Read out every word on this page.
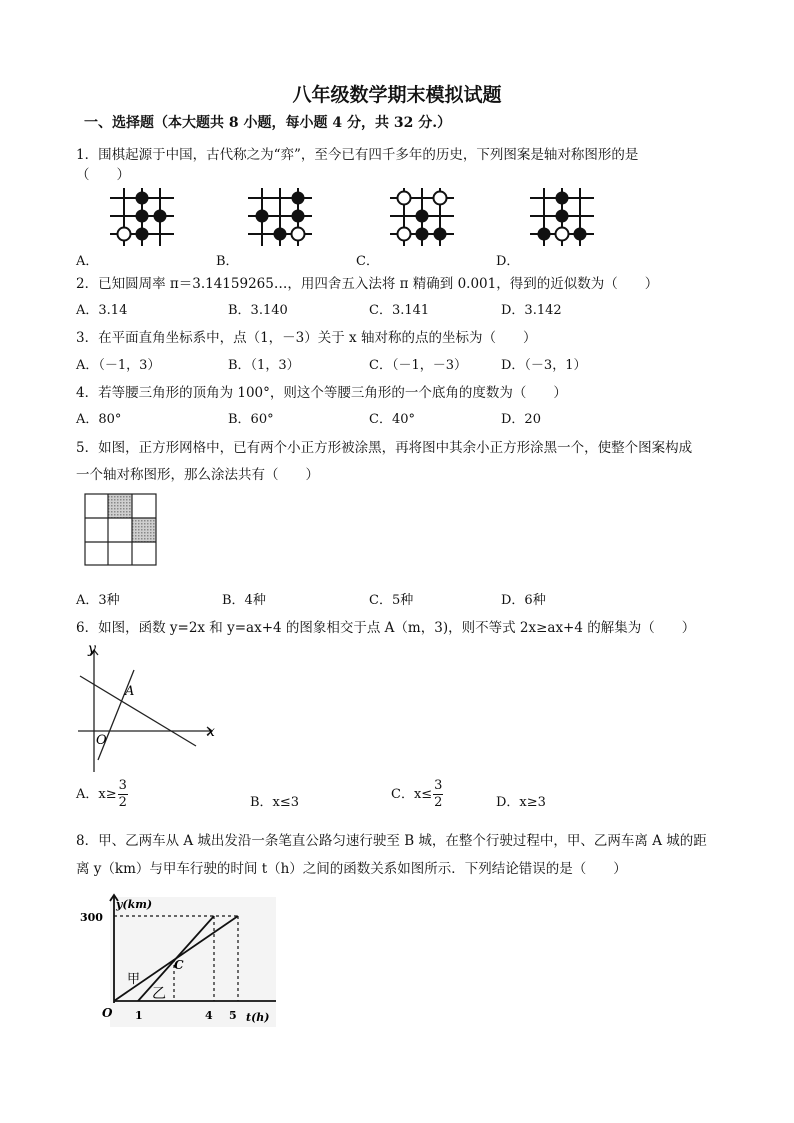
八年级数学期末模拟试题
一、选择题（本大题共 8 小题，每小题 4 分，共 32 分.）
1．围棋起源于中国，古代称之为“弈”，至今已有四千多年的历史，下列图案是轴对称图形的是
（　　）
A．	B．	C．	D．
2．已知圆周率 π＝3.14159265…，用四舍五入法将 π 精确到 0.001，得到的近似数为（　　）
A．3.14	B．3.140	C．3.141	D．3.142
3．在平面直角坐标系中，点（1，－3）关于 x 轴对称的点的坐标为（　　）
A．（－1，3）	B．（1，3）	C．（－1，－3）	D．（－3，1）
4．若等腰三角形的顶角为 100°，则这个等腰三角形的一个底角的度数为（　　）
A．80°	B．60°	C．40°	D．20
5．如图，正方形网格中，已有两个小正方形被涂黑，再将图中其余小正方形涂黑一个，使整个图案构成
一个轴对称图形，那么涂法共有（　　）
A．3种	B．4种	C．5种	D．6种
6．如图，函数 y=2x 和 y=ax+4 的图象相交于点 A（m，3)，则不等式 2x≥ax+4 的解集为（　　）
y
x
O
A
A．$x\ge \frac{3}{2}$	B．x≤3
C．$x\le \frac{3}{2}$	D．x≥3
8．甲、乙两车从 A 城出发沿一条笔直公路匀速行驶至 B 城，在整个行驶过程中，甲、乙两车离 A 城的距
离 y（km）与甲车行驶的时间 t（h）之间的函数关系如图所示．下列结论错误的是（　　）
300
y(km)
t(h)
O 1	4 5
甲
乙
C
